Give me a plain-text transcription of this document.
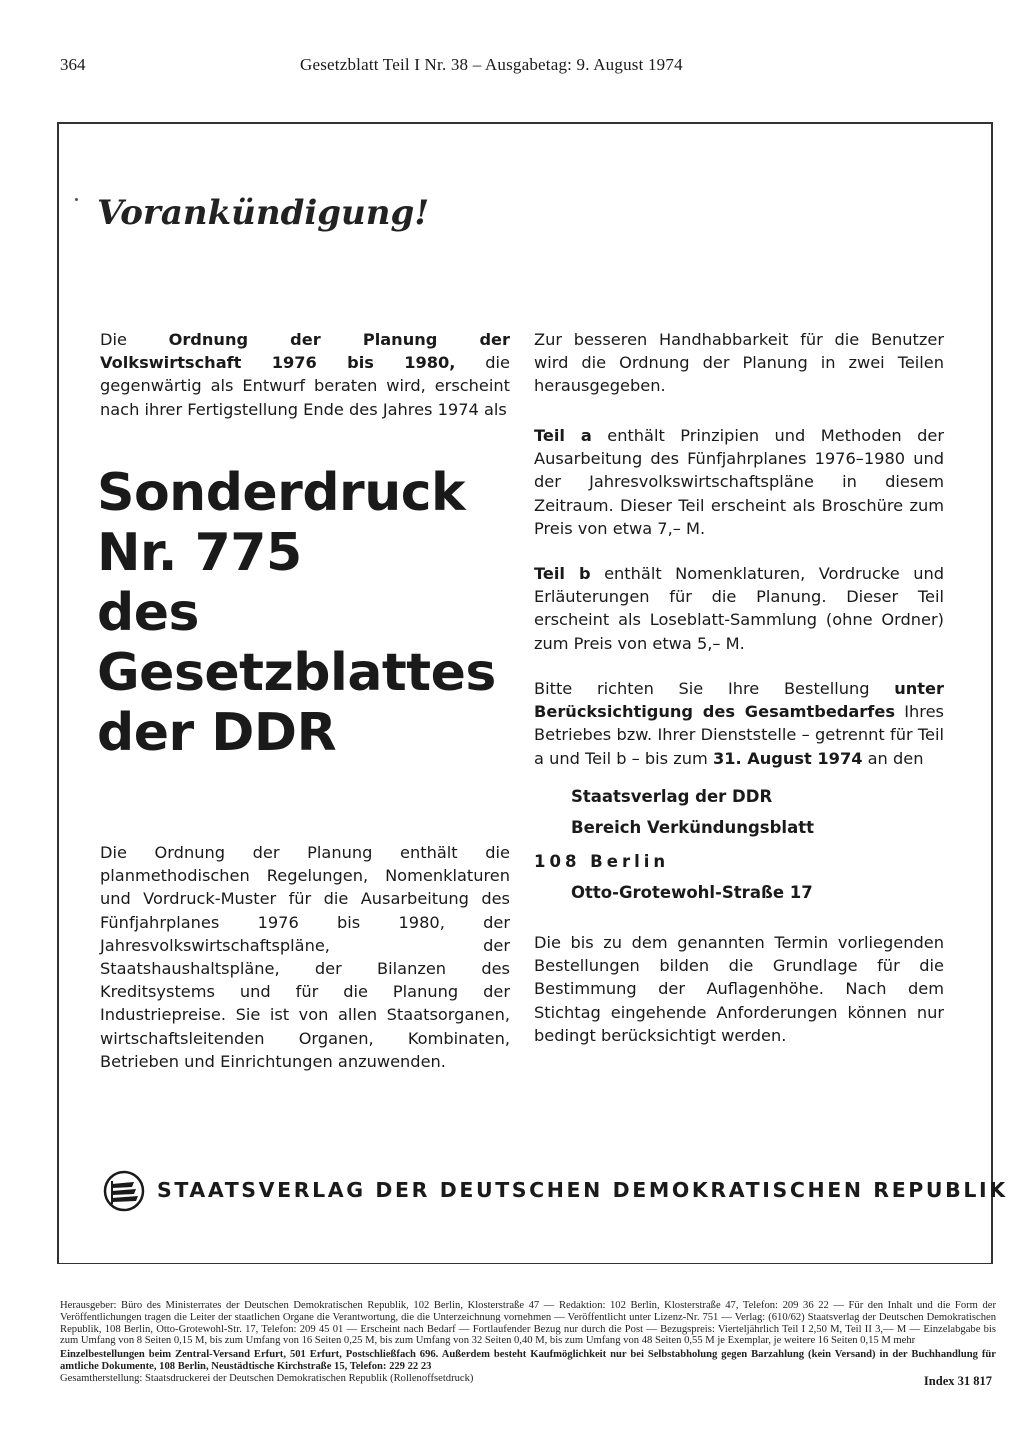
364	Gesetzblatt Teil I Nr. 38 – Ausgabetag: 9. August 1974
Vorankündigung!
Die Ordnung der Planung der Volkswirtschaft 1976 bis 1980, die gegenwärtig als Entwurf beraten wird, erscheint nach ihrer Fertigstellung Ende des Jahres 1974 als
Sonderdruck
Nr. 775
des
Gesetzblattes
der DDR
Die Ordnung der Planung enthält die planmethodischen Regelungen, Nomenklaturen und Vordruck-Muster für die Ausarbeitung des Fünfjahrplanes 1976 bis 1980, der Jahresvolkswirtschaftspläne, der Staatshaushaltspläne, der Bilanzen des Kreditsystems und für die Planung der Industriepreise. Sie ist von allen Staatsorganen, wirtschaftsleitenden Organen, Kombinaten, Betrieben und Einrichtungen anzuwenden.
Zur besseren Handhabbarkeit für die Benutzer wird die Ordnung der Planung in zwei Teilen herausgegeben.
Teil a enthält Prinzipien und Methoden der Ausarbeitung des Fünfjahrplanes 1976–1980 und der Jahresvolkswirtschaftspläne in diesem Zeitraum. Dieser Teil erscheint als Broschüre zum Preis von etwa 7,– M.
Teil b enthält Nomenklaturen, Vordrucke und Erläuterungen für die Planung. Dieser Teil erscheint als Loseblatt-Sammlung (ohne Ordner) zum Preis von etwa 5,– M.
Bitte richten Sie Ihre Bestellung unter Berücksichtigung des Gesamtbedarfes Ihres Betriebes bzw. Ihrer Dienststelle – getrennt für Teil a und Teil b – bis zum 31. August 1974 an den
Staatsverlag der DDR
Bereich Verkündungsblatt
108 Berlin
Otto-Grotewohl-Straße 17
Die bis zu dem genannten Termin vorliegenden Bestellungen bilden die Grundlage für die Bestimmung der Auflagenhöhe. Nach dem Stichtag eingehende Anforderungen können nur bedingt berücksichtigt werden.
STAATSVERLAG DER DEUTSCHEN DEMOKRATISCHEN REPUBLIK
Herausgeber: Büro des Ministerrates der Deutschen Demokratischen Republik, 102 Berlin, Klosterstraße 47 — Redaktion: 102 Berlin, Klosterstraße 47, Telefon: 209 36 22 — Für den Inhalt und die Form der Veröffentlichungen tragen die Leiter der staatlichen Organe die Verantwortung, die die Unterzeichnung vornehmen — Veröffentlicht unter Lizenz-Nr. 751 — Verlag: (610/62) Staatsverlag der Deutschen Demokratischen Republik, 108 Berlin, Otto-Grotewohl-Str. 17, Telefon: 209 45 01 — Erscheint nach Bedarf — Fortlaufender Bezug nur durch die Post — Bezugspreis: Vierteljährlich Teil I 2,50 M, Teil II 3,— M — Einzelabgabe bis zum Umfang von 8 Seiten 0,15 M, bis zum Umfang von 16 Seiten 0,25 M, bis zum Umfang von 32 Seiten 0,40 M, bis zum Umfang von 48 Seiten 0,55 M je Exemplar, je weitere 16 Seiten 0,15 M mehr
Einzelbestellungen beim Zentral-Versand Erfurt, 501 Erfurt, Postschließfach 696. Außerdem besteht Kaufmöglichkeit nur bei Selbstabholung gegen Barzahlung (kein Versand) in der Buchhandlung für amtliche Dokumente, 108 Berlin, Neustädtische Kirchstraße 15, Telefon: 229 22 23
Gesamtherstellung: Staatsdruckerei der Deutschen Demokratischen Republik (Rollenoffsetdruck)	Index 31 817
